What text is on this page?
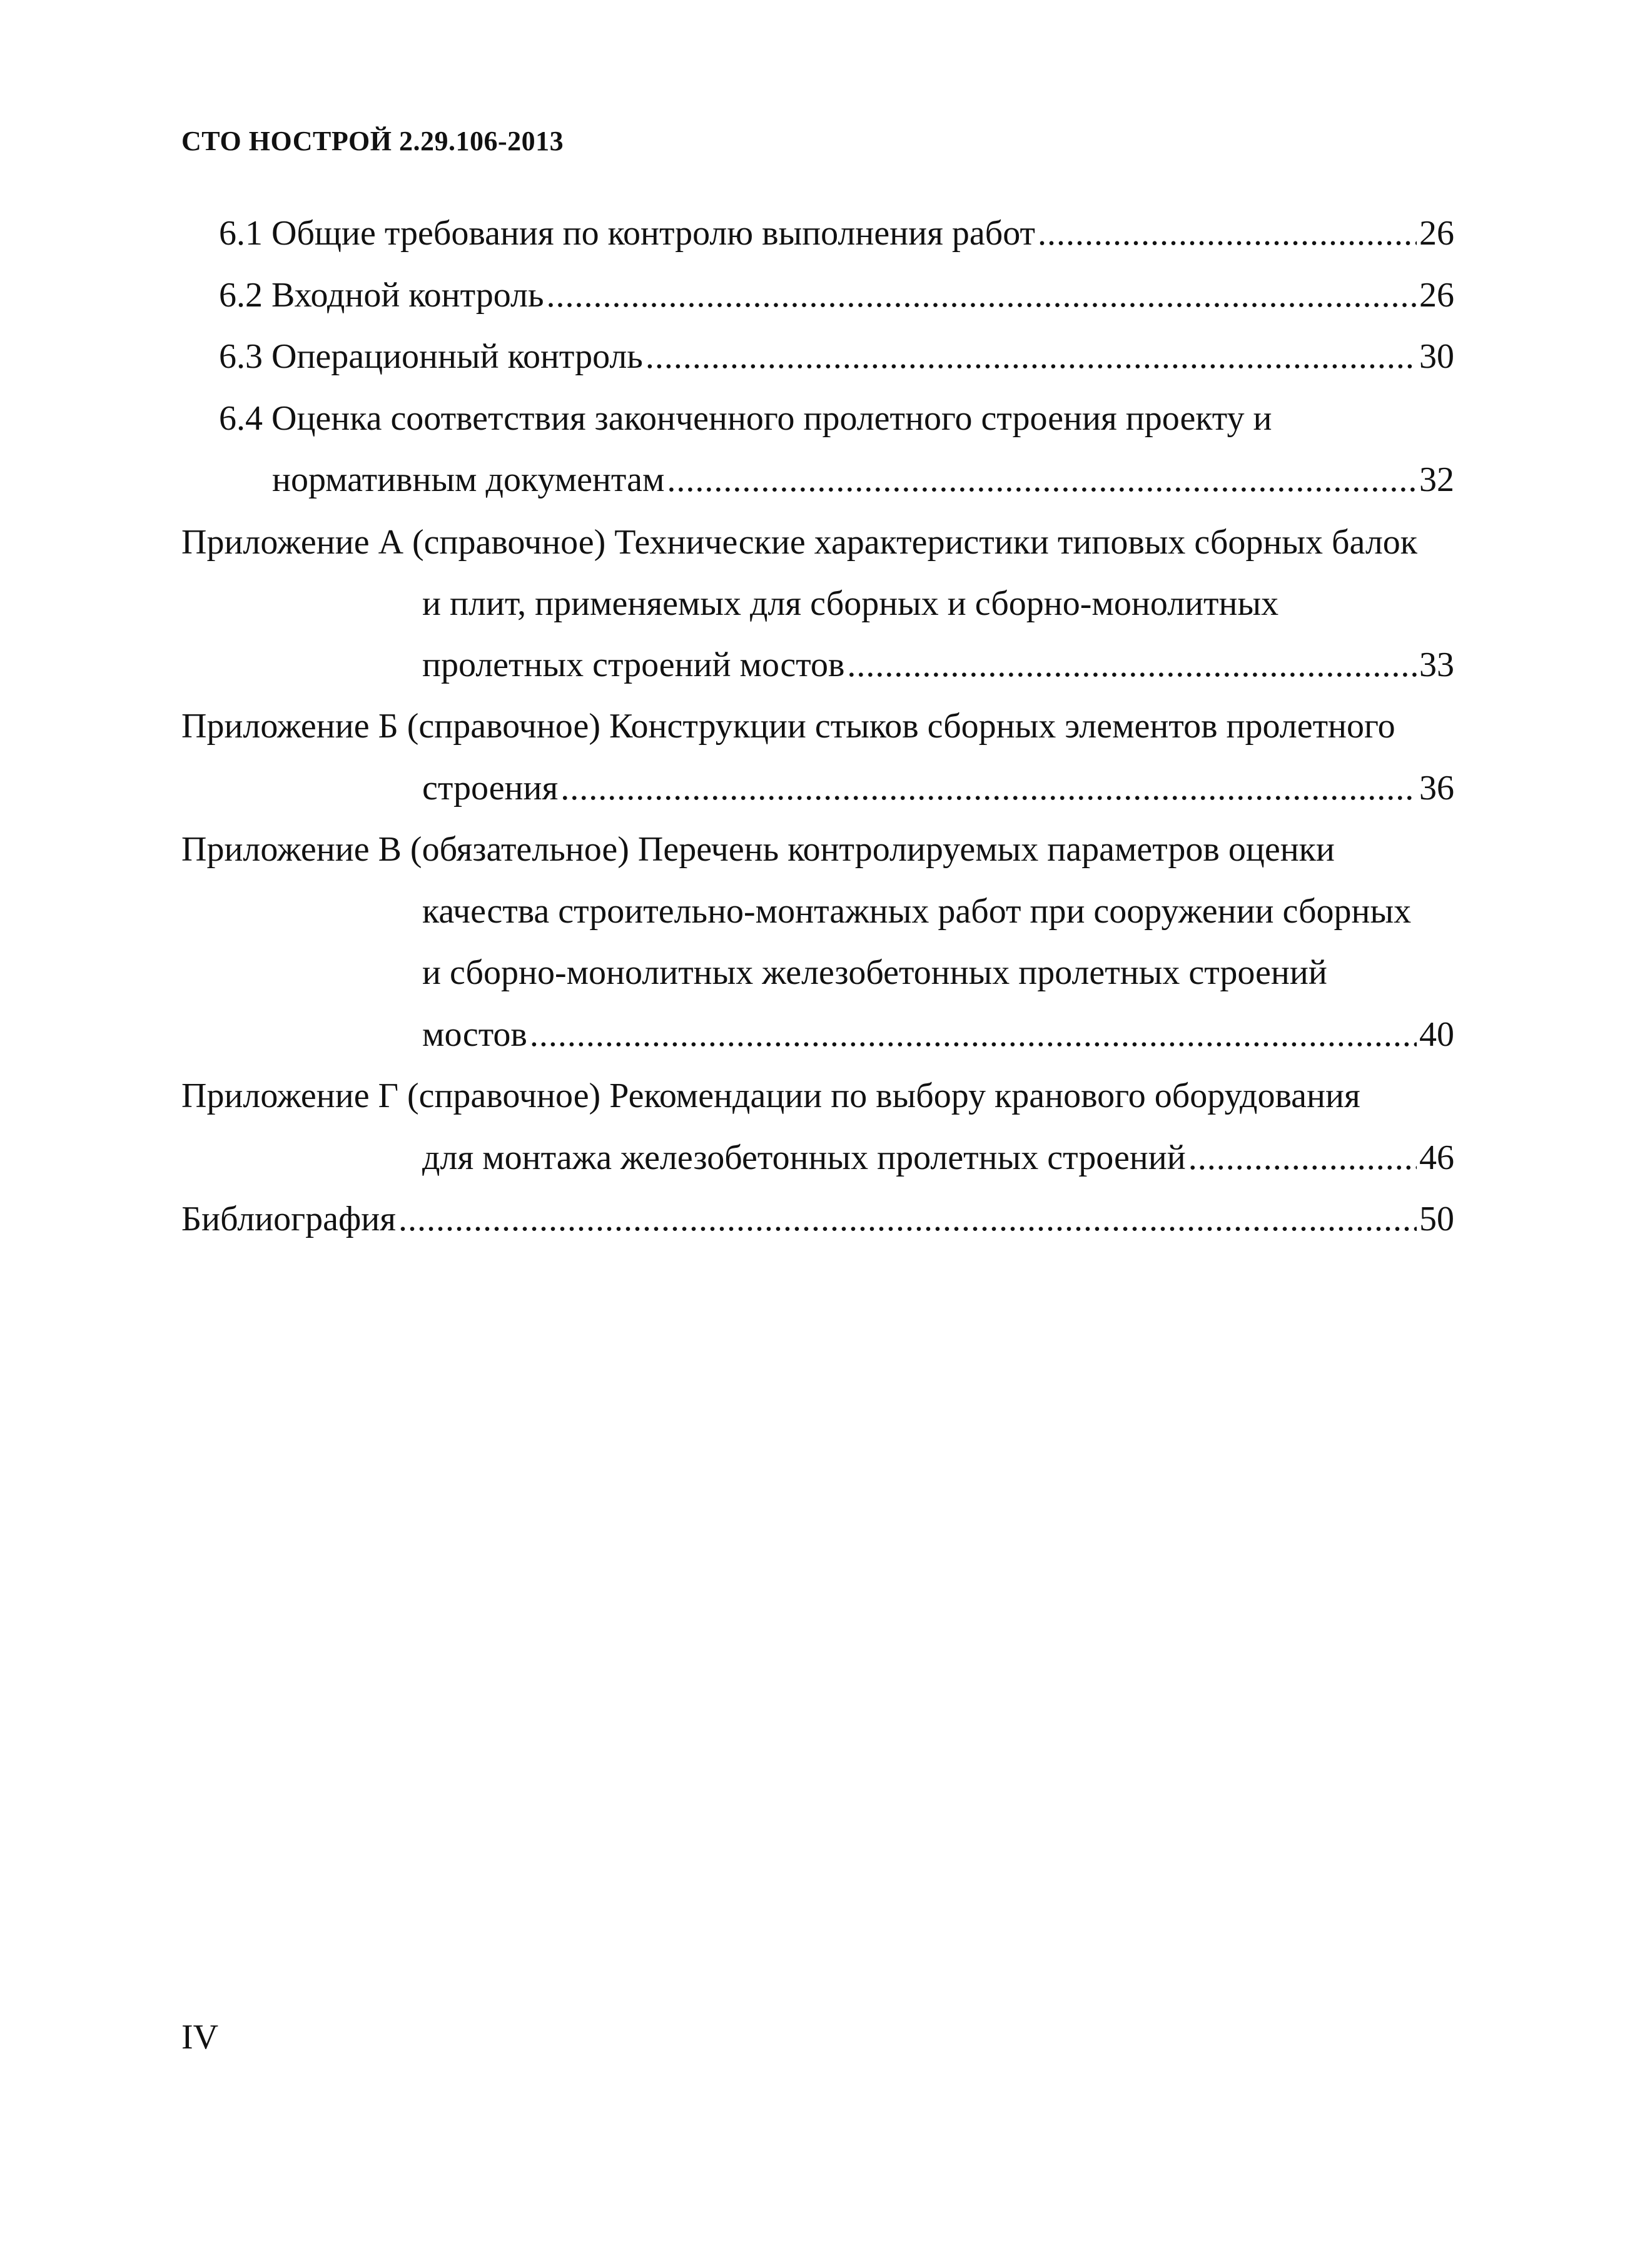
СТО НОСТРОЙ 2.29.106-2013
6.1 Общие требования по контролю выполнения работ .....	26
6.2 Входной контроль .....	26
6.3 Операционный контроль .....	30
6.4 Оценка соответствия законченного пролетного строения проекту и
нормативным документам .....	32
Приложение А (справочное) Технические характеристики типовых сборных балок
и плит, применяемых для сборных и сборно-монолитных
пролетных строений мостов .....	33
Приложение Б (справочное) Конструкции стыков сборных элементов пролетного
строения .....	36
Приложение В (обязательное) Перечень контролируемых параметров оценки
качества строительно-монтажных работ при сооружении сборных
и сборно-монолитных железобетонных пролетных строений
мостов .....	40
Приложение Г (справочное) Рекомендации по выбору кранового оборудования
для монтажа железобетонных пролетных строений .....	46
Библиография .....	50
IV
